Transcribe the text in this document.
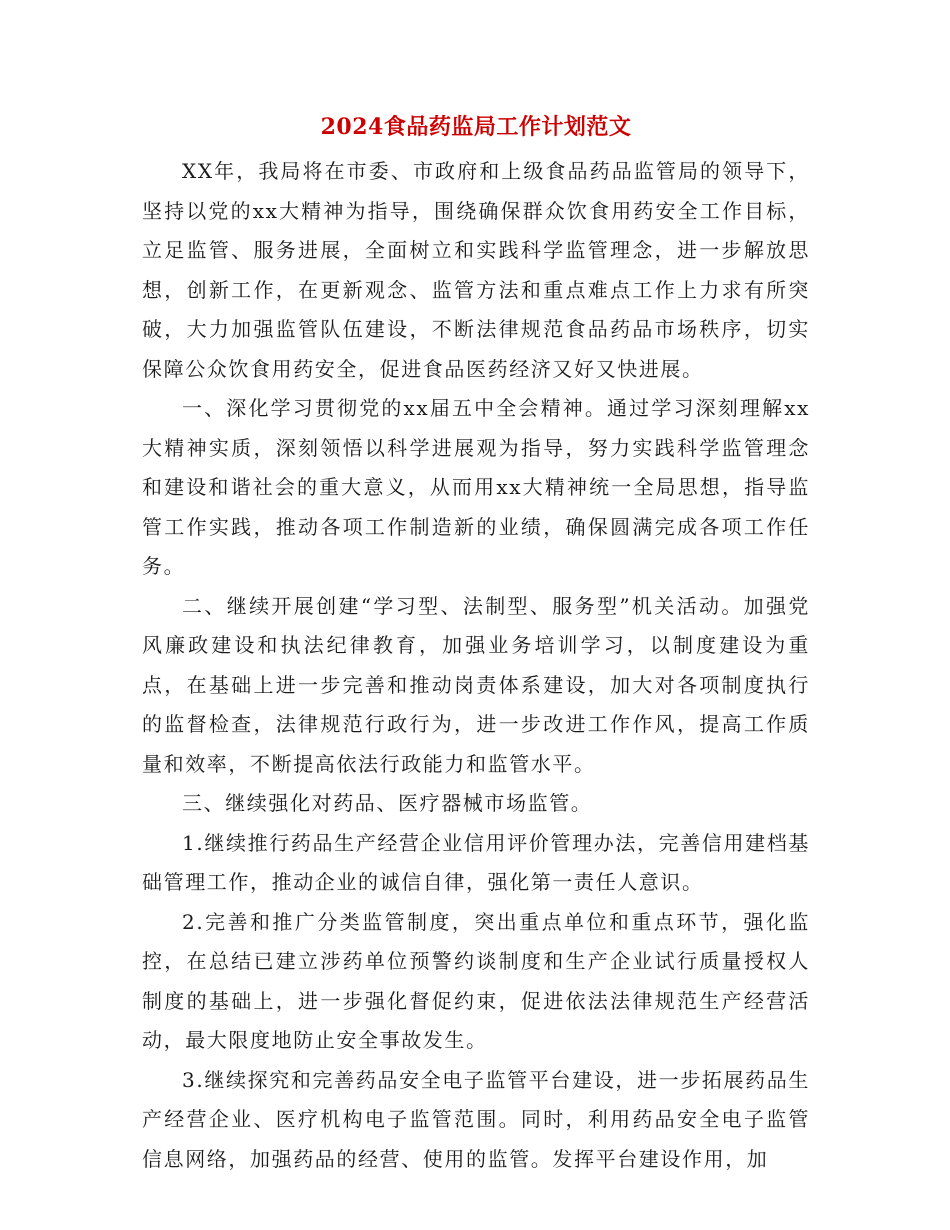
2024食品药监局工作计划范文

XX年，我局将在市委、市政府和上级食品药品监管局的领导下，坚持以党的xx大精神为指导，围绕确保群众饮食用药安全工作目标，立足监管、服务进展，全面树立和实践科学监管理念，进一步解放思想，创新工作，在更新观念、监管方法和重点难点工作上力求有所突破，大力加强监管队伍建设，不断法律规范食品药品市场秩序，切实保障公众饮食用药安全，促进食品医药经济又好又快进展。

一、深化学习贯彻党的xx届五中全会精神。通过学习深刻理解xx大精神实质，深刻领悟以科学进展观为指导，努力实践科学监管理念和建设和谐社会的重大意义，从而用xx大精神统一全局思想，指导监管工作实践，推动各项工作制造新的业绩，确保圆满完成各项工作任务。

二、继续开展创建“学习型、法制型、服务型”机关活动。加强党风廉政建设和执法纪律教育，加强业务培训学习，以制度建设为重点，在基础上进一步完善和推动岗责体系建设，加大对各项制度执行的监督检查，法律规范行政行为，进一步改进工作作风，提高工作质量和效率，不断提高依法行政能力和监管水平。

三、继续强化对药品、医疗器械市场监管。

1.继续推行药品生产经营企业信用评价管理办法，完善信用建档基础管理工作，推动企业的诚信自律，强化第一责任人意识。

2.完善和推广分类监管制度，突出重点单位和重点环节，强化监控，在总结已建立涉药单位预警约谈制度和生产企业试行质量授权人制度的基础上，进一步强化督促约束，促进依法法律规范生产经营活动，最大限度地防止安全事故发生。

3.继续探究和完善药品安全电子监管平台建设，进一步拓展药品生产经营企业、医疗机构电子监管范围。同时，利用药品安全电子监管信息网络，加强药品的经营、使用的监管。发挥平台建设作用，加
